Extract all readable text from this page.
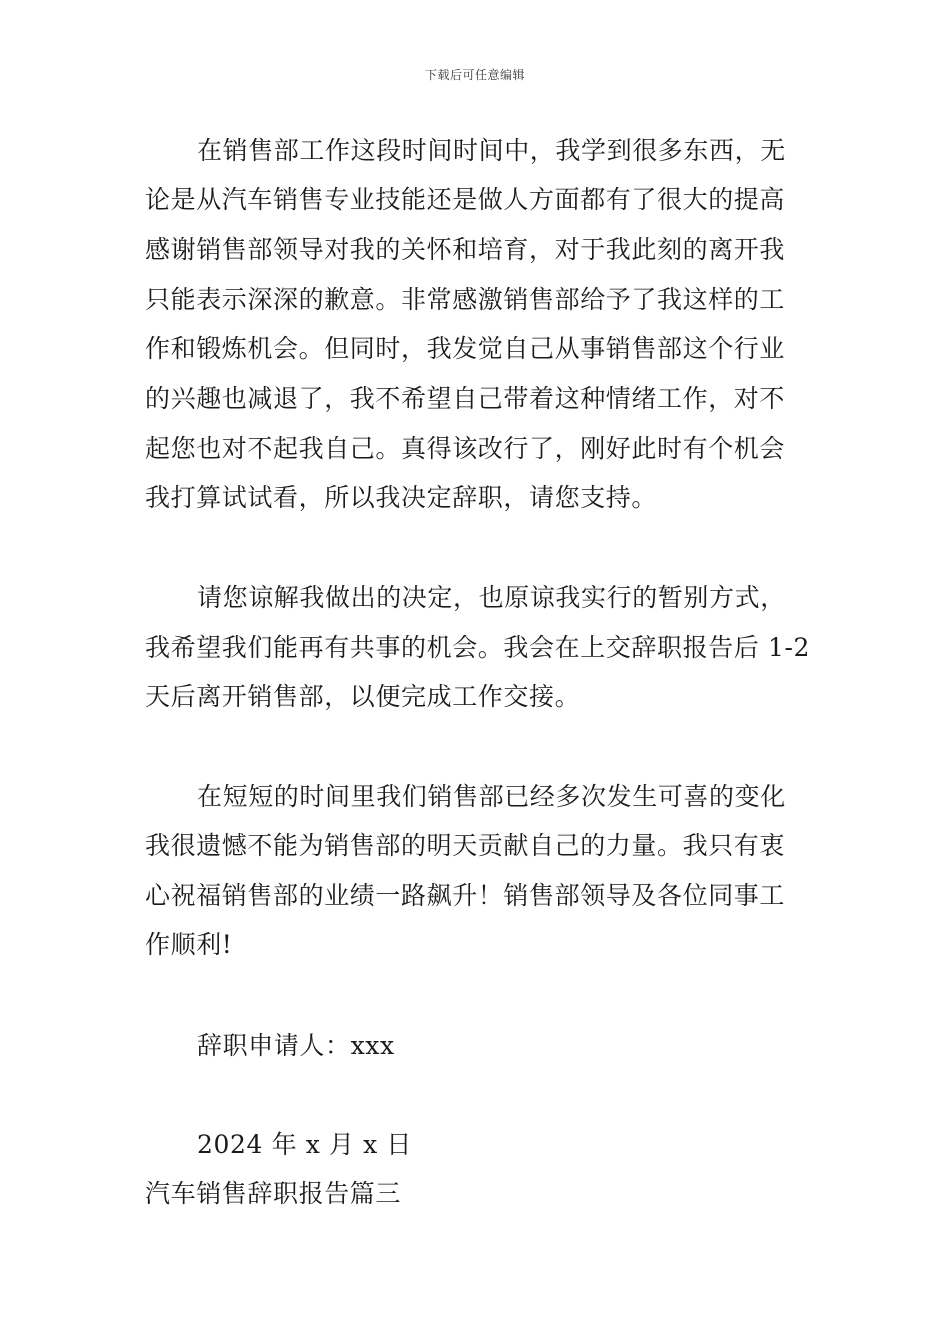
下载后可任意编辑
在销售部工作这段时间时间中，我学到很多东西，无
论是从汽车销售专业技能还是做人方面都有了很大的提高
感谢销售部领导对我的关怀和培育，对于我此刻的离开我
只能表示深深的歉意。非常感激销售部给予了我这样的工
作和锻炼机会。但同时，我发觉自己从事销售部这个行业
的兴趣也减退了，我不希望自己带着这种情绪工作，对不
起您也对不起我自己。真得该改行了，刚好此时有个机会
我打算试试看，所以我决定辞职，请您支持。
请您谅解我做出的决定，也原谅我实行的暂别方式，
我希望我们能再有共事的机会。我会在上交辞职报告后 1-2
天后离开销售部，以便完成工作交接。
在短短的时间里我们销售部已经多次发生可喜的变化
我很遗憾不能为销售部的明天贡献自己的力量。我只有衷
心祝福销售部的业绩一路飙升！销售部领导及各位同事工
作顺利!
辞职申请人：xxx
2024 年 x 月 x 日
汽车销售辞职报告篇三
